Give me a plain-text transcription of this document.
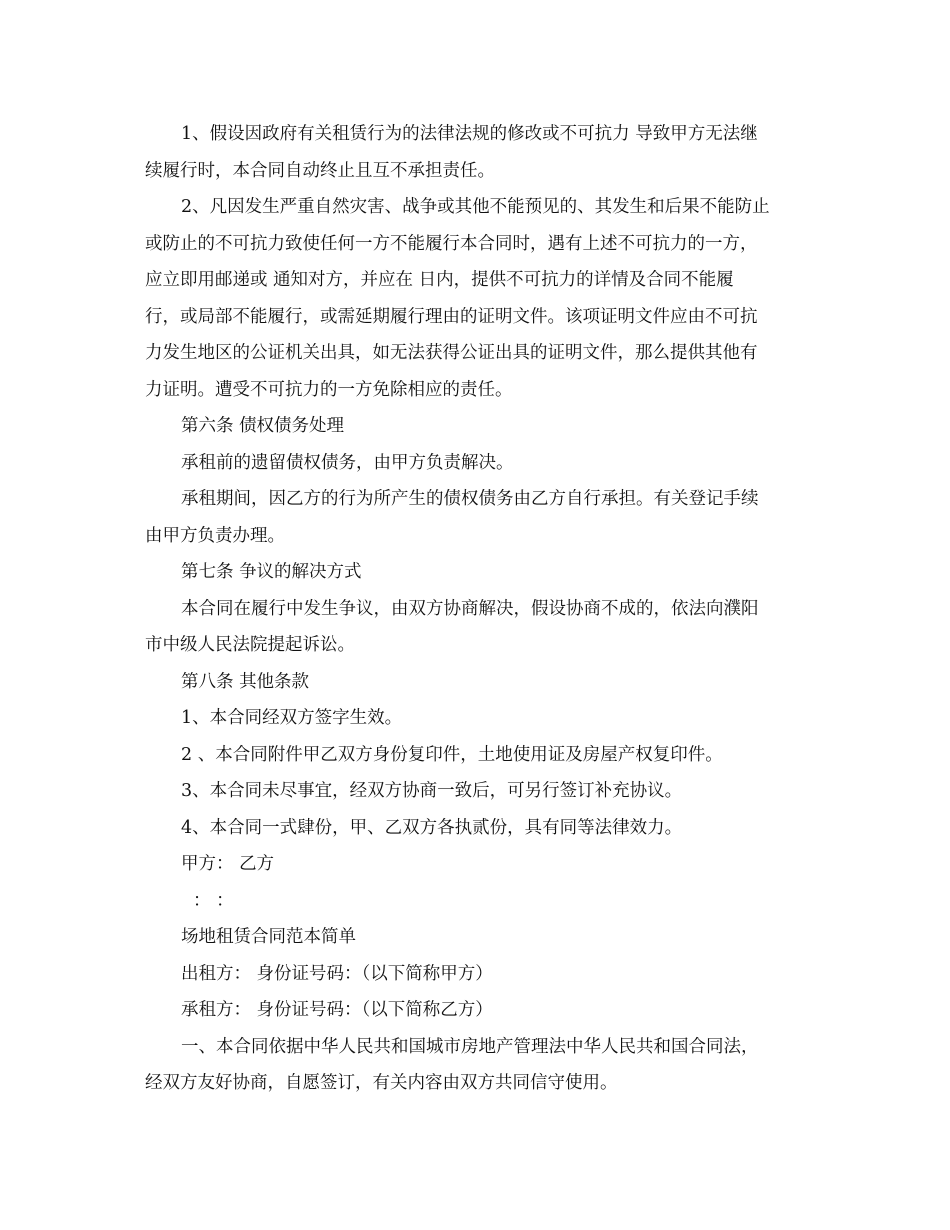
1、假设因政府有关租赁行为的法律法规的修改或不可抗力 导致甲方无法继
续履行时，本合同自动终止且互不承担责任。
2、凡因发生严重自然灾害、战争或其他不能预见的、其发生和后果不能防止
或防止的不可抗力致使任何一方不能履行本合同时，遇有上述不可抗力的一方，
应立即用邮递或 通知对方，并应在 日内，提供不可抗力的详情及合同不能履
行，或局部不能履行，或需延期履行理由的证明文件。该项证明文件应由不可抗
力发生地区的公证机关出具，如无法获得公证出具的证明文件，那么提供其他有
力证明。遭受不可抗力的一方免除相应的责任。
第六条 债权债务处理
承租前的遗留债权债务，由甲方负责解决。
承租期间，因乙方的行为所产生的债权债务由乙方自行承担。有关登记手续
由甲方负责办理。
第七条 争议的解决方式
本合同在履行中发生争议，由双方协商解决，假设协商不成的，依法向濮阳
市中级人民法院提起诉讼。
第八条 其他条款
1、本合同经双方签字生效。
2 、本合同附件甲乙双方身份复印件，土地使用证及房屋产权复印件。
3、本合同未尽事宜，经双方协商一致后，可另行签订补充协议。
4、本合同一式肆份，甲、乙双方各执贰份，具有同等法律效力。
甲方： 乙方
： ：
场地租赁合同范本简单
出租方： 身份证号码：（以下简称甲方）
承租方： 身份证号码：（以下简称乙方）
一、本合同依据中华人民共和国城市房地产管理法中华人民共和国合同法，
经双方友好协商，自愿签订，有关内容由双方共同信守使用。
